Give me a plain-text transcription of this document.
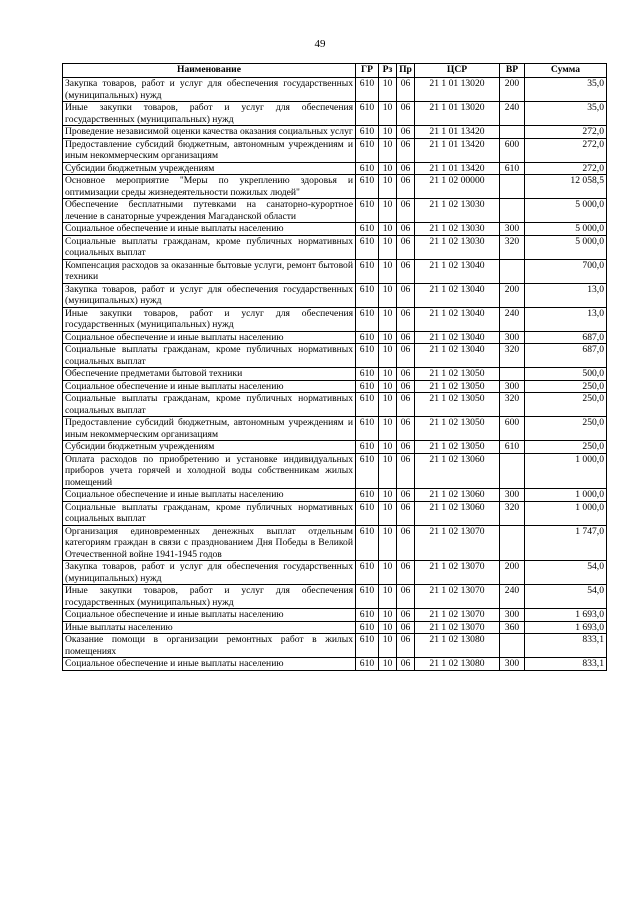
49
Наименование	ГР	Рз	Пр	ЦСР	ВР	Сумма
Закупка товаров, работ и услуг для обеспечения государственных (муниципальных) нужд	610	10	06	21 1 01 13020	200	35,0
Иные закупки товаров, работ и услуг для обеспечения государственных (муниципальных) нужд	610	10	06	21 1 01 13020	240	35,0
Проведение независимой оценки качества оказания социальных услуг	610	10	06	21 1 01 13420		272,0
Предоставление субсидий бюджетным, автономным учреждениям и иным некоммерческим организациям	610	10	06	21 1 01 13420	600	272,0
Субсидии бюджетным учреждениям	610	10	06	21 1 01 13420	610	272,0
Основное мероприятие "Меры по укреплению здоровья и оптимизации среды жизнедеятельности пожилых людей"	610	10	06	21 1 02 00000		12 058,5
Обеспечение бесплатными путевками на санаторно-курортное лечение в санаторные учреждения Магаданской области	610	10	06	21 1 02 13030		5 000,0
Социальное обеспечение и иные выплаты населению	610	10	06	21 1 02 13030	300	5 000,0
Социальные выплаты гражданам, кроме публичных нормативных социальных выплат	610	10	06	21 1 02 13030	320	5 000,0
Компенсация расходов за оказанные бытовые услуги, ремонт бытовой техники	610	10	06	21 1 02 13040		700,0
Закупка товаров, работ и услуг для обеспечения государственных (муниципальных) нужд	610	10	06	21 1 02 13040	200	13,0
Иные закупки товаров, работ и услуг для обеспечения государственных (муниципальных) нужд	610	10	06	21 1 02 13040	240	13,0
Социальное обеспечение и иные выплаты населению	610	10	06	21 1 02 13040	300	687,0
Социальные выплаты гражданам, кроме публичных нормативных социальных выплат	610	10	06	21 1 02 13040	320	687,0
Обеспечение предметами бытовой техники	610	10	06	21 1 02 13050		500,0
Социальное обеспечение и иные выплаты населению	610	10	06	21 1 02 13050	300	250,0
Социальные выплаты гражданам, кроме публичных нормативных социальных выплат	610	10	06	21 1 02 13050	320	250,0
Предоставление субсидий бюджетным, автономным учреждениям и иным некоммерческим организациям	610	10	06	21 1 02 13050	600	250,0
Субсидии бюджетным учреждениям	610	10	06	21 1 02 13050	610	250,0
Оплата расходов по приобретению и установке индивидуальных приборов учета горячей и холодной воды собственникам жилых помещений	610	10	06	21 1 02 13060		1 000,0
Социальное обеспечение и иные выплаты населению	610	10	06	21 1 02 13060	300	1 000,0
Социальные выплаты гражданам, кроме публичных нормативных социальных выплат	610	10	06	21 1 02 13060	320	1 000,0
Организация единовременных денежных выплат отдельным категориям граждан в связи с празднованием Дня Победы в Великой Отечественной войне 1941-1945 годов	610	10	06	21 1 02 13070		1 747,0
Закупка товаров, работ и услуг для обеспечения государственных (муниципальных) нужд	610	10	06	21 1 02 13070	200	54,0
Иные закупки товаров, работ и услуг для обеспечения государственных (муниципальных) нужд	610	10	06	21 1 02 13070	240	54,0
Социальное обеспечение и иные выплаты населению	610	10	06	21 1 02 13070	300	1 693,0
Иные выплаты населению	610	10	06	21 1 02 13070	360	1 693,0
Оказание помощи в организации ремонтных работ в жилых помещениях	610	10	06	21 1 02 13080		833,1
Социальное обеспечение и иные выплаты населению	610	10	06	21 1 02 13080	300	833,1
